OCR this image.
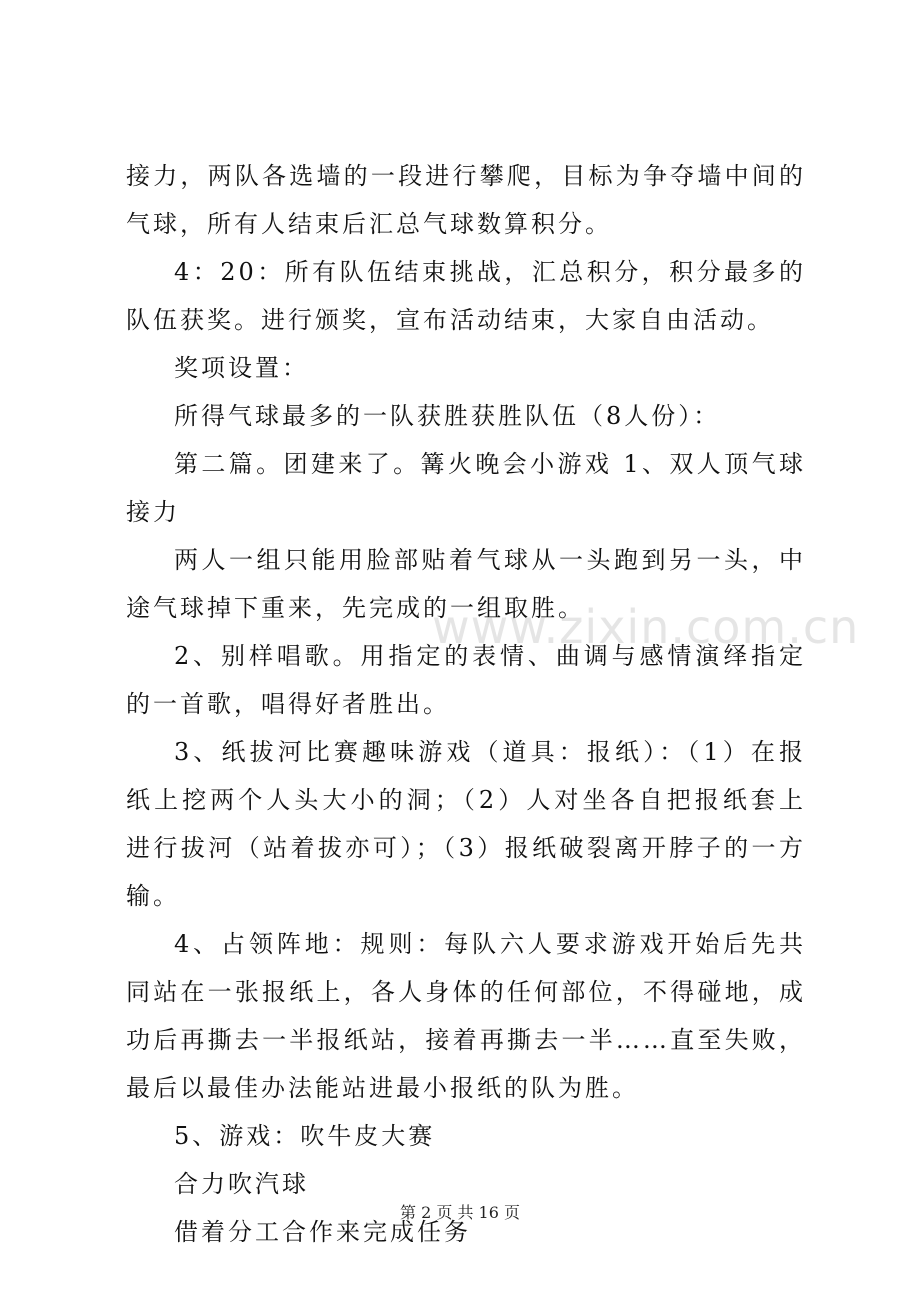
接力，两队各选墙的一段进行攀爬，目标为争夺墙中间的气球，所有人结束后汇总气球数算积分。

4：20：所有队伍结束挑战，汇总积分，积分最多的队伍获奖。进行颁奖，宣布活动结束，大家自由活动。

奖项设置：

所得气球最多的一队获胜获胜队伍（8人份）：

第二篇。团建来了。篝火晚会小游戏 1、双人顶气球接力

两人一组只能用脸部贴着气球从一头跑到另一头，中途气球掉下重来，先完成的一组取胜。

2、别样唱歌。用指定的表情、曲调与感情演绎指定的一首歌，唱得好者胜出。

3、纸拔河比赛趣味游戏（道具：报纸）：（1）在报纸上挖两个人头大小的洞；（2）人对坐各自把报纸套上进行拔河（站着拔亦可）；（3）报纸破裂离开脖子的一方输。

4、占领阵地：规则：每队六人要求游戏开始后先共同站在一张报纸上，各人身体的任何部位，不得碰地，成功后再撕去一半报纸站，接着再撕去一半……直至失败，最后以最佳办法能站进最小报纸的队为胜。

5、游戏：吹牛皮大赛

合力吹汽球

借着分工合作来完成任务

www.zixin.com.cn
第 2 页 共 16 页
